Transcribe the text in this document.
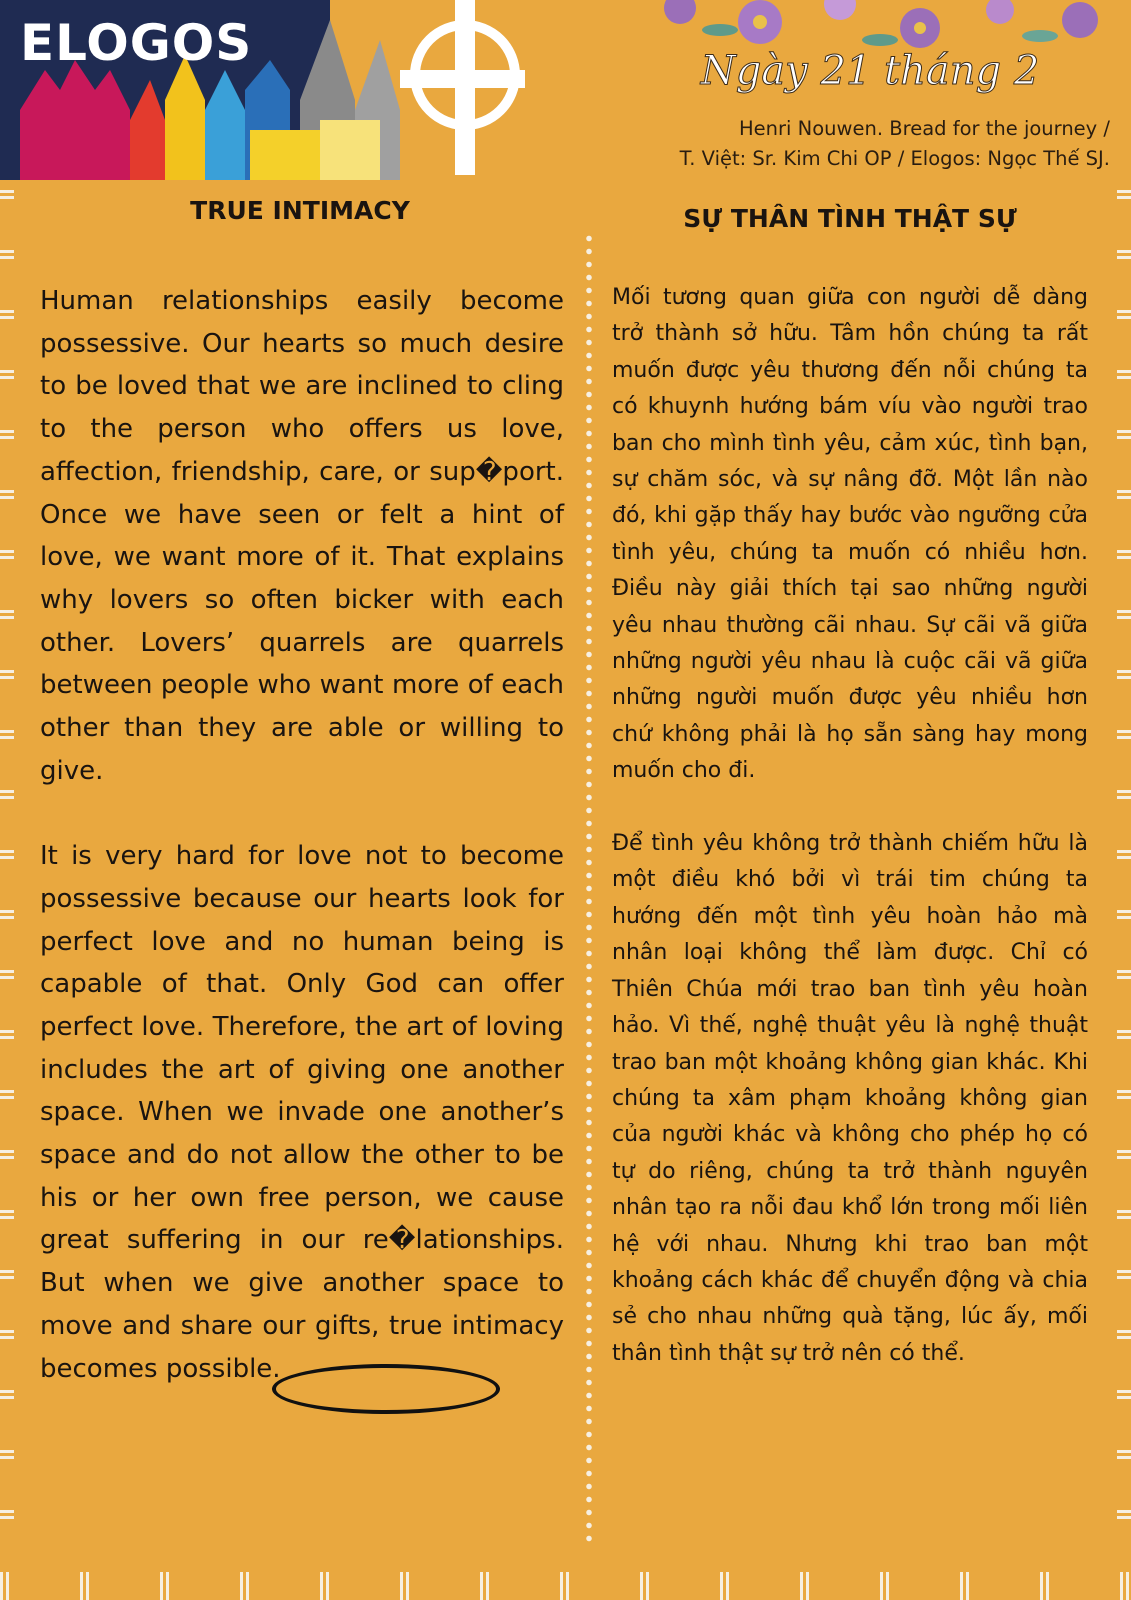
ELOGOS	Ngày 21 tháng 2
Henri Nouwen. Bread for the journey /
T. Việt: Sr. Kim Chi OP / Elogos: Ngọc Thế SJ.
TRUE INTIMACY	SỰ THÂN TÌNH THẬT SỰ

Human relationships easily become possessive. Our hearts so much desire to be loved that we are inclined to cling to the person who offers us love, affection, friendship, care, or sup�port. Once we have seen or felt a hint of love, we want more of it. That explains why lovers so often bicker with each other. Lovers’ quarrels are quarrels between people who want more of each other than they are able or willing to give.

It is very hard for love not to become possessive because our hearts look for perfect love and no human being is capable of that. Only God can offer perfect love. Therefore, the art of loving includes the art of giving one another space. When we invade one another’s space and do not allow the other to be his or her own free person, we cause great suffering in our re�lationships. But when we give another space to move and share our gifts, true intimacy becomes possible.

Mối tương quan giữa con người dễ dàng trở thành sở hữu. Tâm hồn chúng ta rất muốn được yêu thương đến nỗi chúng ta có khuynh hướng bám víu vào người trao ban cho mình tình yêu, cảm xúc, tình bạn, sự chăm sóc, và sự nâng đỡ. Một lần nào đó, khi gặp thấy hay bước vào ngưỡng cửa tình yêu, chúng ta muốn có nhiều hơn. Điều này giải thích tại sao những người yêu nhau thường cãi nhau. Sự cãi vã giữa những người yêu nhau là cuộc cãi vã giữa những người muốn được yêu nhiều hơn chứ không phải là họ sẵn sàng hay mong muốn cho đi.

Để tình yêu không trở thành chiếm hữu là một điều khó bởi vì trái tim chúng ta hướng đến một tình yêu hoàn hảo mà nhân loại không thể làm được. Chỉ có Thiên Chúa mới trao ban tình yêu hoàn hảo. Vì thế, nghệ thuật yêu là nghệ thuật trao ban một khoảng không gian khác. Khi chúng ta xâm phạm khoảng không gian của người khác và không cho phép họ có tự do riêng, chúng ta trở thành nguyên nhân tạo ra nỗi đau khổ lớn trong mối liên hệ với nhau. Nhưng khi trao ban một khoảng cách khác để chuyển động và chia sẻ cho nhau những quà tặng, lúc ấy, mối thân tình thật sự trở nên có thể.
